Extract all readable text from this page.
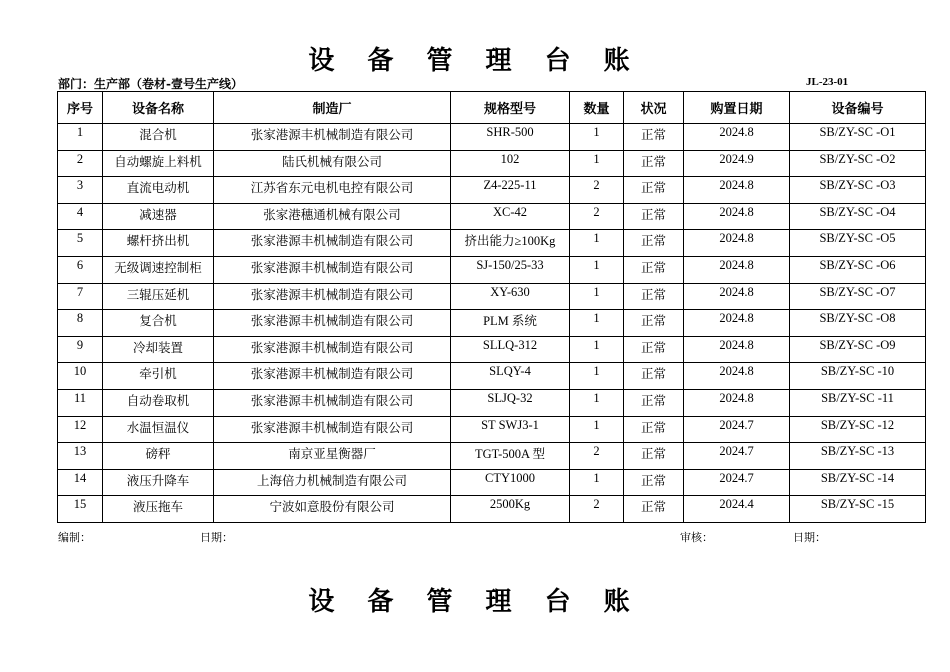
设 备 管 理 台 账
部门：生产部（卷材-壹号生产线）	JL-23-01
序号	设备名称	制造厂	规格型号	数量	状况	购置日期	设备编号
1	混合机	张家港源丰机械制造有限公司	SHR-500	1	正常	2024.8	SB/ZY-SC -O1
2	自动螺旋上料机	陆氏机械有限公司	102	1	正常	2024.9	SB/ZY-SC -O2
3	直流电动机	江苏省东元电机电控有限公司	Z4-225-11	2	正常	2024.8	SB/ZY-SC -O3
4	减速器	张家港穗通机械有限公司	XC-42	2	正常	2024.8	SB/ZY-SC -O4
5	螺杆挤出机	张家港源丰机械制造有限公司	挤出能力≥100Kg	1	正常	2024.8	SB/ZY-SC -O5
6	无级调速控制柜	张家港源丰机械制造有限公司	SJ-150/25-33	1	正常	2024.8	SB/ZY-SC -O6
7	三辊压延机	张家港源丰机械制造有限公司	XY-630	1	正常	2024.8	SB/ZY-SC -O7
8	复合机	张家港源丰机械制造有限公司	PLM 系统	1	正常	2024.8	SB/ZY-SC -O8
9	冷却装置	张家港源丰机械制造有限公司	SLLQ-312	1	正常	2024.8	SB/ZY-SC -O9
10	牵引机	张家港源丰机械制造有限公司	SLQY-4	1	正常	2024.8	SB/ZY-SC -10
11	自动卷取机	张家港源丰机械制造有限公司	SLJQ-32	1	正常	2024.8	SB/ZY-SC -11
12	水温恒温仪	张家港源丰机械制造有限公司	ST SWJ3-1	1	正常	2024.7	SB/ZY-SC -12
13	磅秤	南京亚星衡器厂	TGT-500A 型	2	正常	2024.7	SB/ZY-SC -13
14	液压升降车	上海倍力机械制造有限公司	CTY1000	1	正常	2024.7	SB/ZY-SC -14
15	液压拖车	宁波如意股份有限公司	2500Kg	2	正常	2024.4	SB/ZY-SC -15
编制：	日期：	审核：	日期：
设 备 管 理 台 账
